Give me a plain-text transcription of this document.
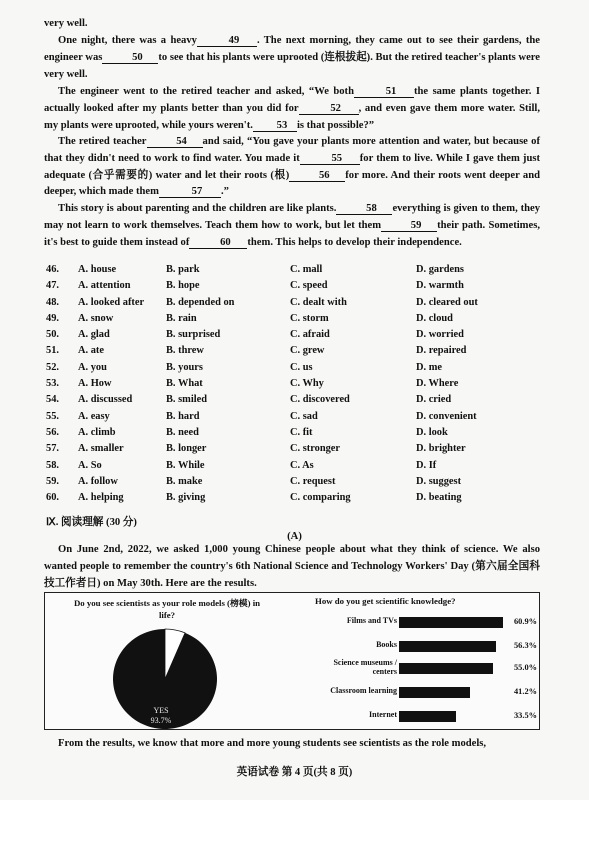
very well.

One night, there was a heavy	49 . The next morning, they came out to see their gardens, the engineer was	50 to see that his plants were uprooted (连根拔起). But the retired teacher's plants were very well.

The engineer went to the retired teacher and asked, “We both	51 the same plants together. I actually looked after my plants better than you did for	52 , and even gave them more water. Still, my plants were uprooted, while yours weren't. 53 is that possible?”

The retired teacher	54 and said, “You gave your plants more attention and water, but because of that they didn't need to work to find water. You made it	55 for them to live. While I gave them just adequate (合乎需要的) water and let their roots (根)	56 for more. And their roots went deeper and deeper, which made them	57 .”

This story is about parenting and the children are like plants.	58 everything is given to them, they may not learn to work themselves. Teach them how to work, but let them	59 their path. Sometimes, it's best to guide them instead of	60 them. This helps to develop their independence.

46. A. house	B. park	C. mall	D. gardens
47. A. attention	B. hope	C. speed	D. warmth
48. A. looked after B. depended on	C. dealt with	D. cleared out
49. A. snow	B. rain	C. storm	D. cloud
50. A. glad	B. surprised	C. afraid	D. worried
51. A. ate	B. threw	C. grew	D. repaired
52. A. you	B. yours	C. us	D. me
53. A. How	B. What	C. Why	D. Where
54. A. discussed	B. smiled	C. discovered	D. cried
55. A. easy	B. hard	C. sad	D. convenient
56. A. climb	B. need	C. fit	D. look
57. A. smaller	B. longer	C. stronger	D. brighter
58. A. So	B. While	C. As	D. If
59. A. follow	B. make	C. request	D. suggest
60. A. helping	B. giving	C. comparing	D. beating
Ⅸ. 阅读理解 (30 分)
(A)

On June 2nd, 2022, we asked 1,000 young Chinese people about what they think of science. We also wanted people to remember the country's 6th National Science and Technology Workers' Day (第六届全国科技工作者日) on May 30th. Here are the results.

Do you see scientists as your role models (榜模) in life?
YES
93.7%
How do you get scientific knowledge?
Films and TVs	60.9%
Books	56.3%
Science museums / centers	55.0%
Classroom learning	41.2%
Internet	33.5%

From the results, we know that more and more young students see scientists as the role models,

英语试卷 第 4 页(共 8 页)
